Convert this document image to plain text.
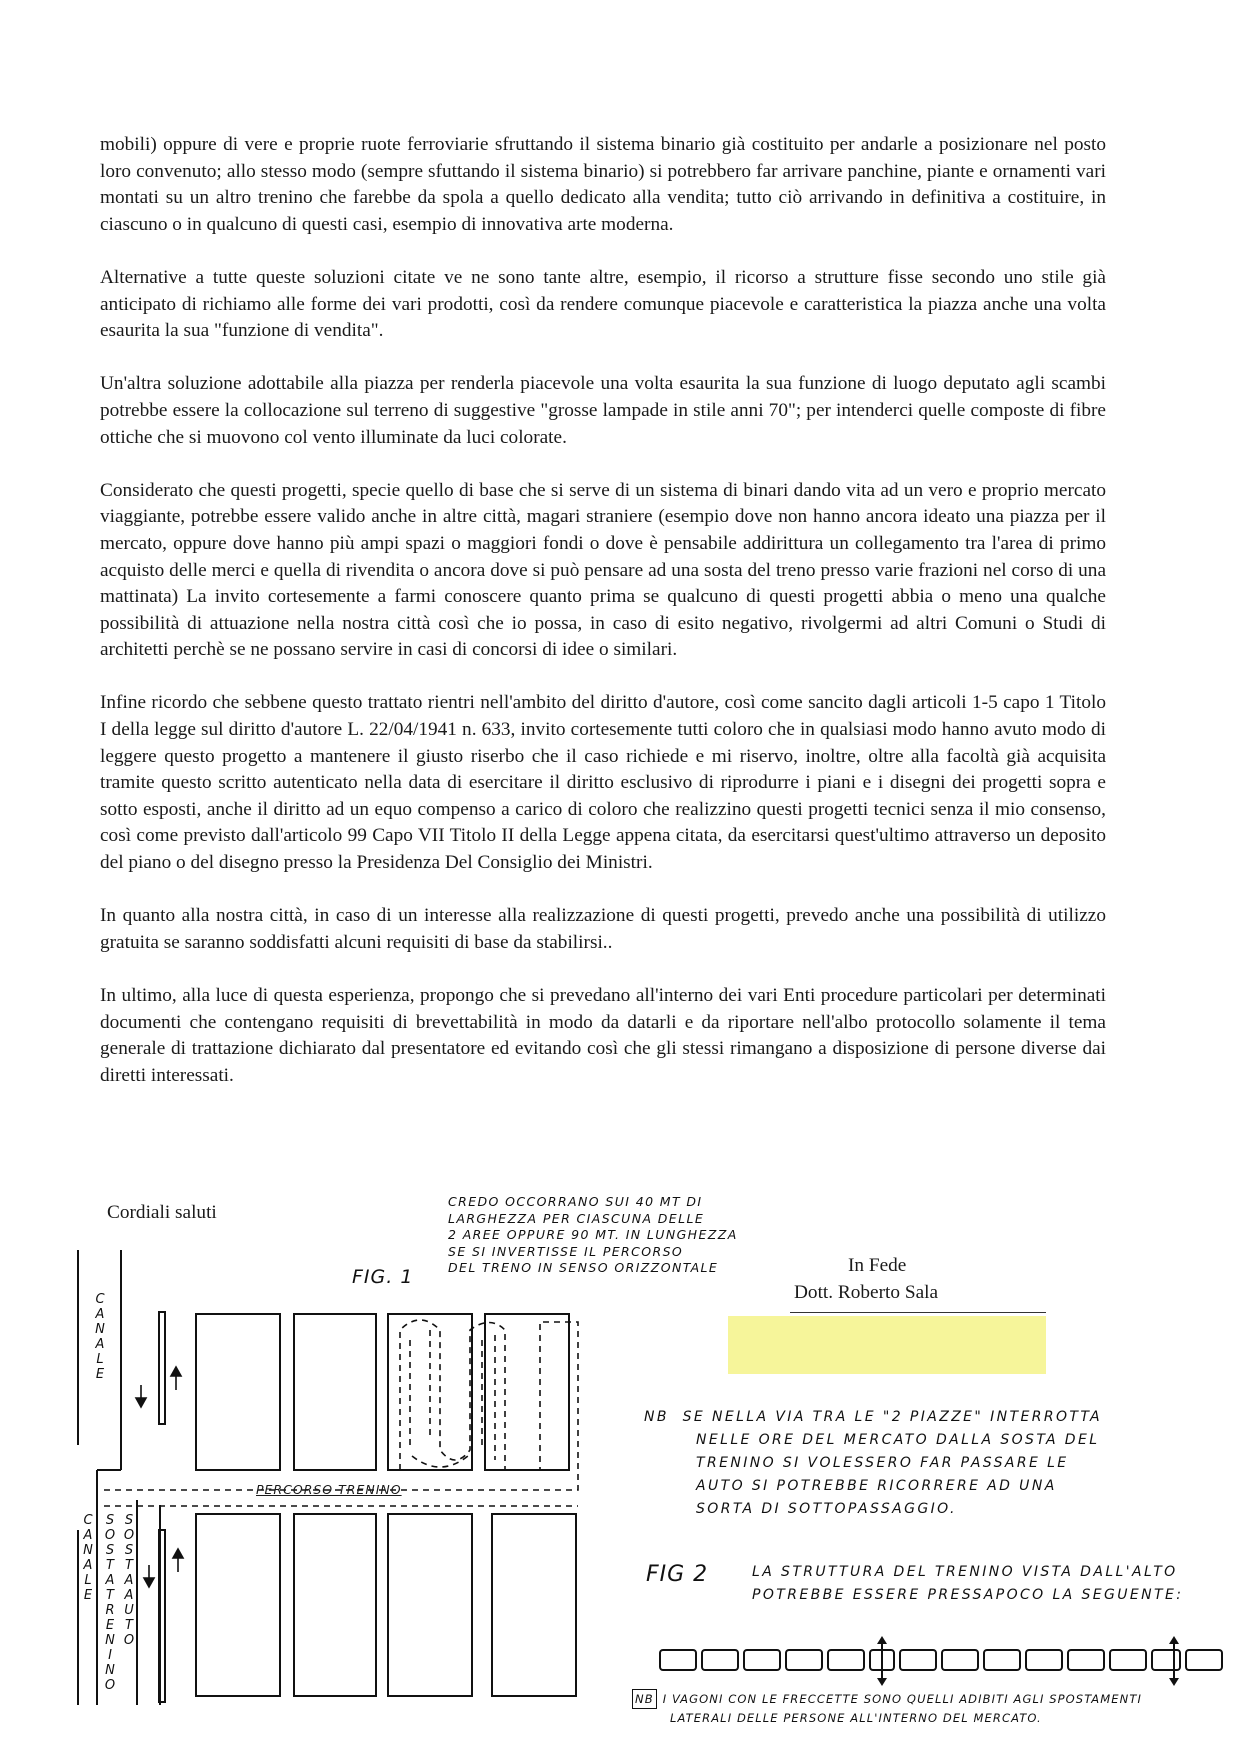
mobili) oppure di vere e proprie ruote ferroviarie sfruttando il sistema binario già costituito per andarle a posizionare nel posto loro convenuto; allo stesso modo (sempre sfuttando il sistema binario) si potrebbero far arrivare panchine, piante e ornamenti vari montati su un altro trenino che farebbe da spola a quello dedicato alla vendita; tutto ciò arrivando in definitiva a costituire, in ciascuno o in qualcuno di questi casi, esempio di innovativa arte moderna.

Alternative a tutte queste soluzioni citate ve ne sono tante altre, esempio, il ricorso a strutture fisse secondo uno stile già anticipato di richiamo alle forme dei vari prodotti, così da rendere comunque piacevole e caratteristica la piazza anche una volta esaurita la sua "funzione di vendita".

Un'altra soluzione adottabile alla piazza per renderla piacevole una volta esaurita la sua funzione di luogo deputato agli scambi potrebbe essere la collocazione sul terreno di suggestive "grosse lampade in stile anni 70"; per intenderci quelle composte di fibre ottiche che si muovono col vento illuminate da luci colorate.

Considerato che questi progetti, specie quello di base che si serve di un sistema di binari dando vita ad un vero e proprio mercato viaggiante, potrebbe essere valido anche in altre città, magari straniere (esempio dove non hanno ancora ideato una piazza per il mercato, oppure dove hanno più ampi spazi o maggiori fondi o dove è pensabile addirittura un collegamento tra l'area di primo acquisto delle merci e quella di rivendita o ancora dove si può pensare ad una sosta del treno presso varie frazioni nel corso di una mattinata) La invito cortesemente a farmi conoscere quanto prima se qualcuno di questi progetti abbia o meno una qualche possibilità di attuazione nella nostra città così che io possa, in caso di esito negativo, rivolgermi ad altri Comuni o Studi di architetti perchè se ne possano servire in casi di concorsi di idee o similari.

Infine ricordo che sebbene questo trattato rientri nell'ambito del diritto d'autore, così come sancito dagli articoli 1-5 capo 1 Titolo I della legge sul diritto d'autore L. 22/04/1941 n. 633, invito cortesemente tutti coloro che in qualsiasi modo hanno avuto modo di leggere questo progetto a mantenere il giusto riserbo che il caso richiede e mi riservo, inoltre, oltre alla facoltà già acquisita tramite questo scritto autenticato nella data di esercitare il diritto esclusivo di riprodurre i piani e i disegni dei progetti sopra e sotto esposti, anche il diritto ad un equo compenso a carico di coloro che realizzino questi progetti tecnici senza il mio consenso, così come previsto dall'articolo 99 Capo VII Titolo II della Legge appena citata, da esercitarsi quest'ultimo attraverso un deposito del piano o del disegno presso la Presidenza Del Consiglio dei Ministri.

In quanto alla nostra città, in caso di un interesse alla realizzazione di questi progetti, prevedo anche una possibilità di utilizzo gratuita se saranno soddisfatti alcuni requisiti di base da stabilirsi..

In ultimo, alla luce di questa esperienza, propongo che si prevedano all'interno dei vari Enti procedure particolari per determinati documenti che contengano requisiti di brevettabilità in modo da datarli e da riportare nell'albo protocollo solamente il tema generale di trattazione dichiarato dal presentatore ed evitando così che gli stessi rimangano a disposizione di persone diverse dai diretti interessati.

Cordiali saluti
In Fede
Dott. Roberto Sala
CREDO OCCORRANO SUI 40 MT DI
LARGHEZZA PER CIASCUNA DELLE
2 AREE OPPURE 90 MT. IN LUNGHEZZA
SE SI INVERTISSE IL PERCORSO
DEL TRENO IN SENSO ORIZZONTALE
FIG. 1
C
A
N
A
L
E
C
A
N
A
L
E
S
O
S
T
A
T
R
E
N
I
N
O
S
O
S
T
A
A
U
T
O
PERCORSO TRENINO
NB SE NELLA VIA TRA LE "2 PIAZZE" INTERROTTA
NELLE ORE DEL MERCATO DALLA SOSTA DEL
TRENINO SI VOLESSERO FAR PASSARE LE
AUTO SI POTREBBE RICORRERE AD UNA
SORTA DI SOTTOPASSAGGIO.
FIG 2	LA STRUTTURA DEL TRENINO VISTA DALL'ALTO
POTREBBE ESSERE PRESSAPOCO LA SEGUENTE:
NB I VAGONI CON LE FRECCETTE SONO QUELLI ADIBITI AGLI SPOSTAMENTI
LATERALI DELLE PERSONE ALL'INTERNO DEL MERCATO.
